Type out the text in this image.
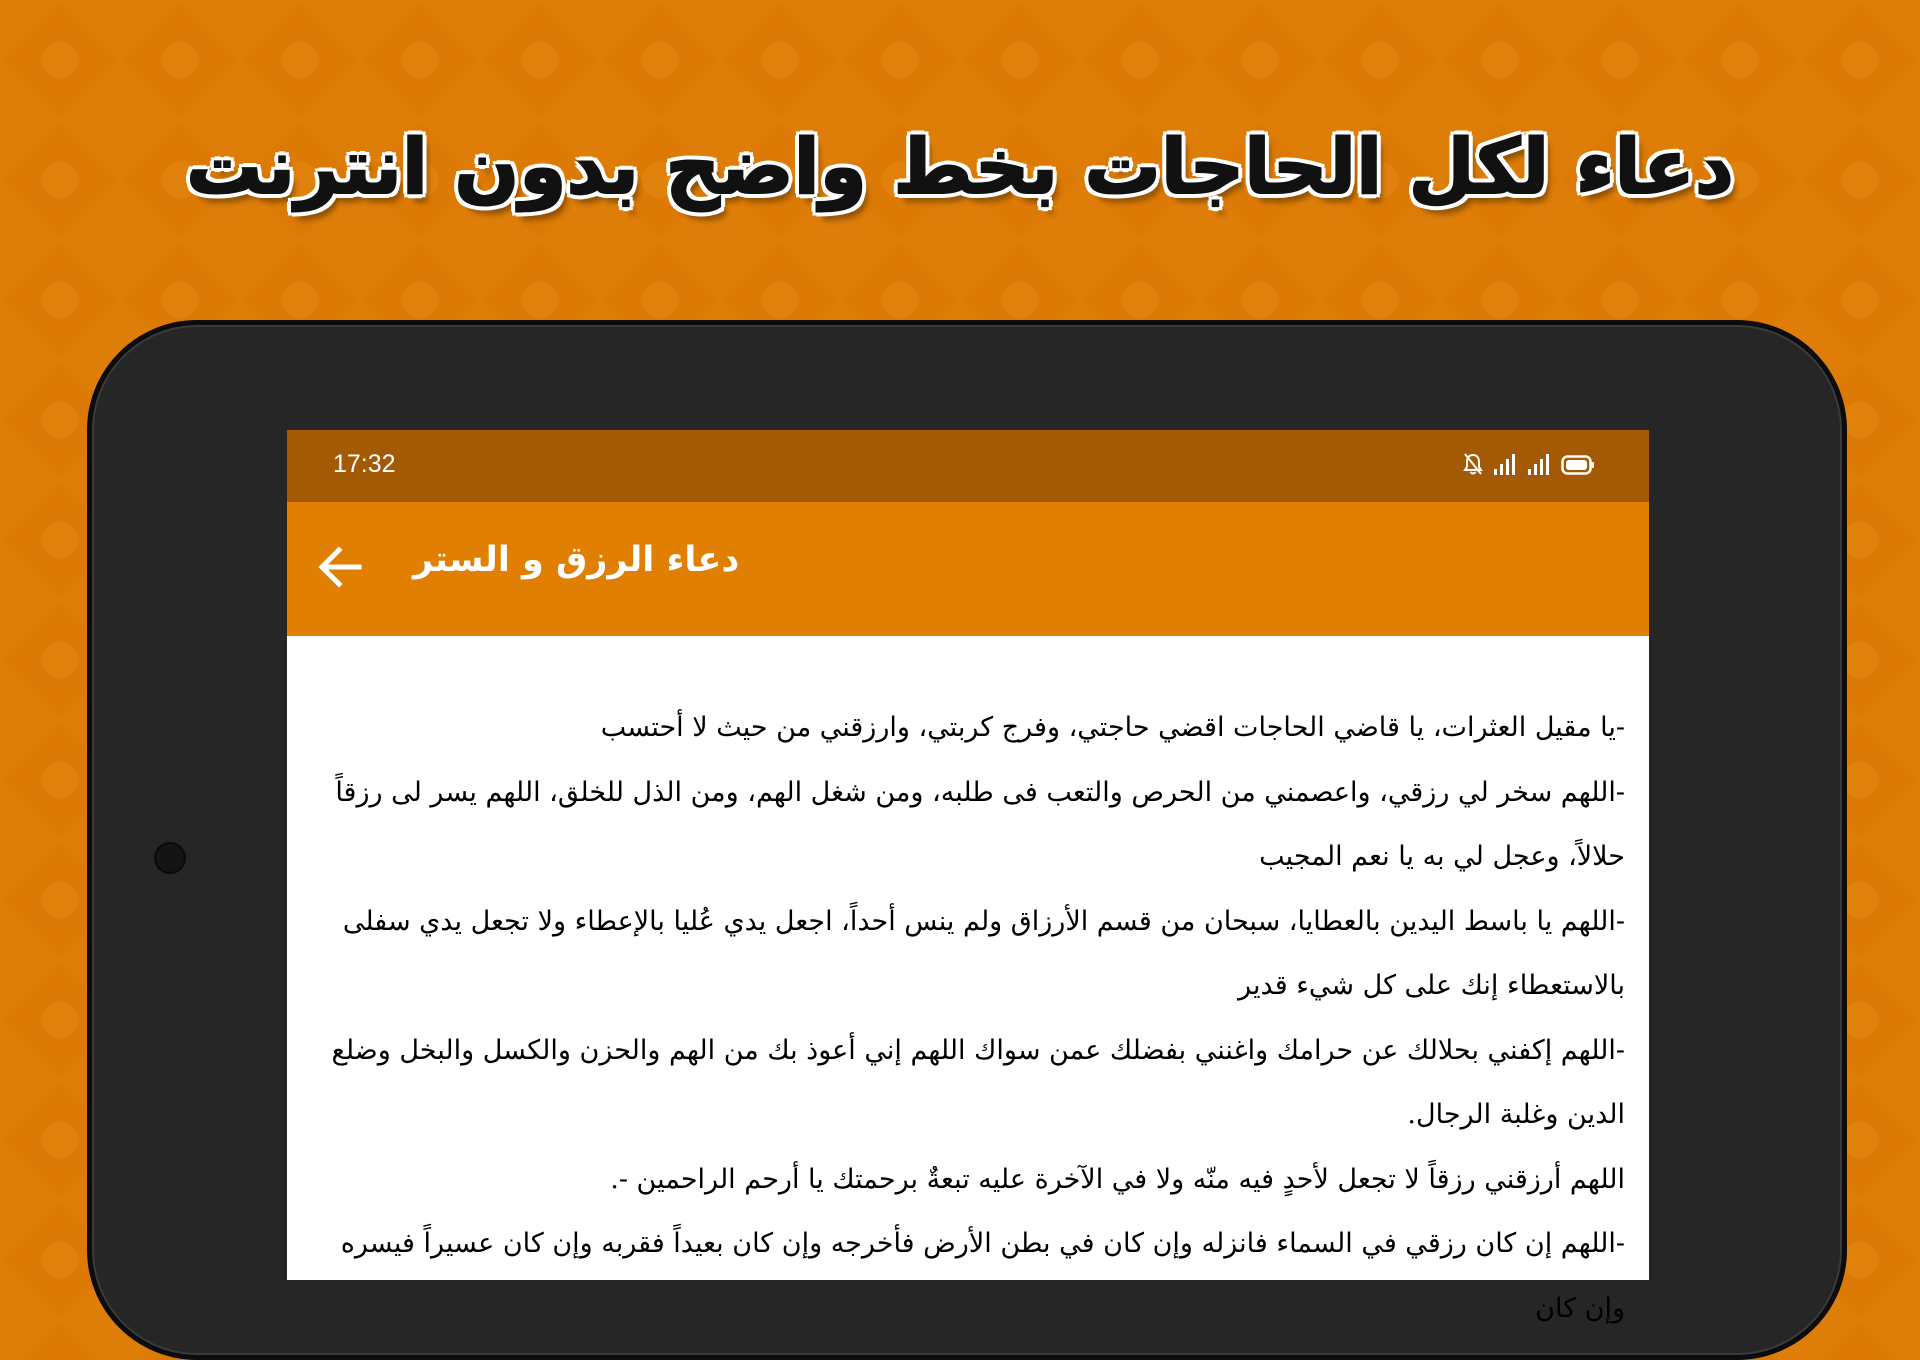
دعاء لكل الحاجات بخط واضح بدون انترنت
17:32
دعاء الرزق و الستر

-يا مقيل العثرات، يا قاضي الحاجات اقضي حاجتي، وفرج كربتي، وارزقني من حيث لا أحتسب

-اللهم سخر لي رزقي، واعصمني من الحرص والتعب فى طلبه، ومن شغل الهم، ومن الذل للخلق، اللهم يسر لى رزقاً حلالاً، وعجل لي به يا نعم المجيب

-اللهم يا باسط اليدين بالعطايا، سبحان من قسم الأرزاق ولم ينس أحداً، اجعل يدي عُليا بالإعطاء ولا تجعل يدي سفلى بالاستعطاء إنك على كل شيء قدير

-اللهم إكفني بحلالك عن حرامك واغنني بفضلك عمن سواك اللهم إني أعوذ بك من الهم والحزن والكسل والبخل وضلع الدين وغلبة الرجال.

اللهم أرزقني رزقاً لا تجعل لأحدٍ فيه منّه ولا في الآخرة عليه تبعةٌ برحمتك يا أرحم الراحمين -.

-اللهم إن كان رزقي في السماء فانزله وإن كان في بطن الأرض فأخرجه وإن كان بعيداً فقربه وإن كان عسيراً فيسره وإن كان
